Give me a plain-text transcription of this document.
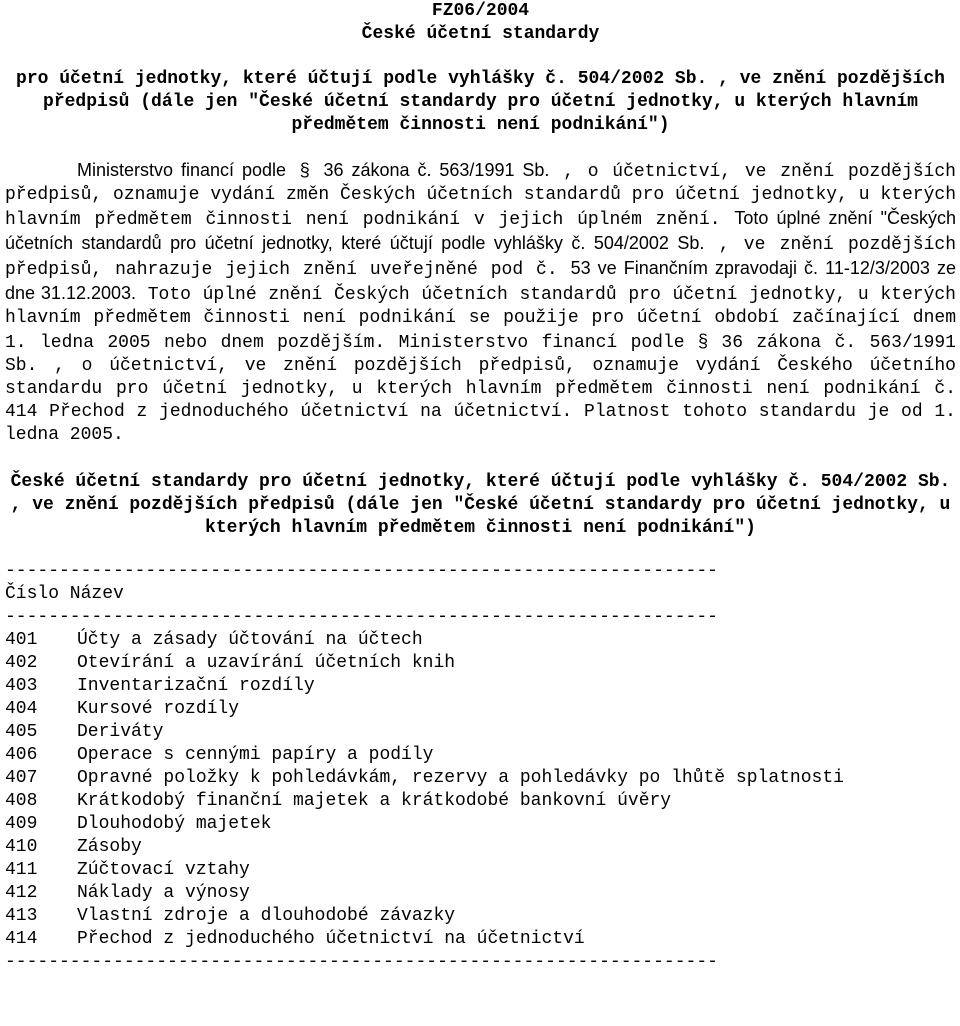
FZ06/2004
České účetní standardy
pro účetní jednotky, které účtují podle vyhlášky č. 504/2002 Sb. , ve znění pozdějších předpisů (dále jen "České účetní standardy pro účetní jednotky, u kterých hlavním předmětem činnosti není podnikání")
Ministerstvo financí podle § 36 zákona č. 563/1991 Sb. , o účetnictví, ve znění pozdějších předpisů, oznamuje vydání změn Českých účetních standardů pro účetní jednotky, u kterých hlavním předmětem činnosti není podnikání v jejich úplném znění. Toto úplné znění "Českých účetních standardů pro účetní jednotky, které účtují podle vyhlášky č. 504/2002 Sb. , ve znění pozdějších předpisů, nahrazuje jejich znění uveřejněné pod č. 53 ve Finančním zpravodaji č. 11-12/3/2003 ze dne 31.12.2003. Toto úplné znění Českých účetních standardů pro účetní jednotky, u kterých hlavním předmětem činnosti není podnikání se použije pro účetní období začínající dnem 1. ledna 2005 nebo dnem pozdějším. Ministerstvo financí podle § 36 zákona č. 563/1991 Sb. , o účetnictví, ve znění pozdějších předpisů, oznamuje vydání Českého účetního standardu pro účetní jednotky, u kterých hlavním předmětem činnosti není podnikání č. 414 Přechod z jednoduchého účetnictví na účetnictví. Platnost tohoto standardu je od 1. ledna 2005.
České účetní standardy pro účetní jednotky, které účtují podle vyhlášky č. 504/2002 Sb. , ve znění pozdějších předpisů (dále jen "České účetní standardy pro účetní jednotky, u kterých hlavním předmětem činnosti není podnikání")
------------------------------------------------------------------
Číslo Název
------------------------------------------------------------------
401	Účty a zásady účtování na účtech
402	Otevírání a uzavírání účetních knih
403	Inventarizační rozdíly
404	Kursové rozdíly
405	Deriváty
406	Operace s cennými papíry a podíly
407	Opravné položky k pohledávkám, rezervy a pohledávky po lhůtě splatnosti
408	Krátkodobý finanční majetek a krátkodobé bankovní úvěry
409	Dlouhodobý majetek
410	Zásoby
411	Zúčtovací vztahy
412	Náklady a výnosy
413	Vlastní zdroje a dlouhodobé závazky
414	Přechod z jednoduchého účetnictví na účetnictví
------------------------------------------------------------------
